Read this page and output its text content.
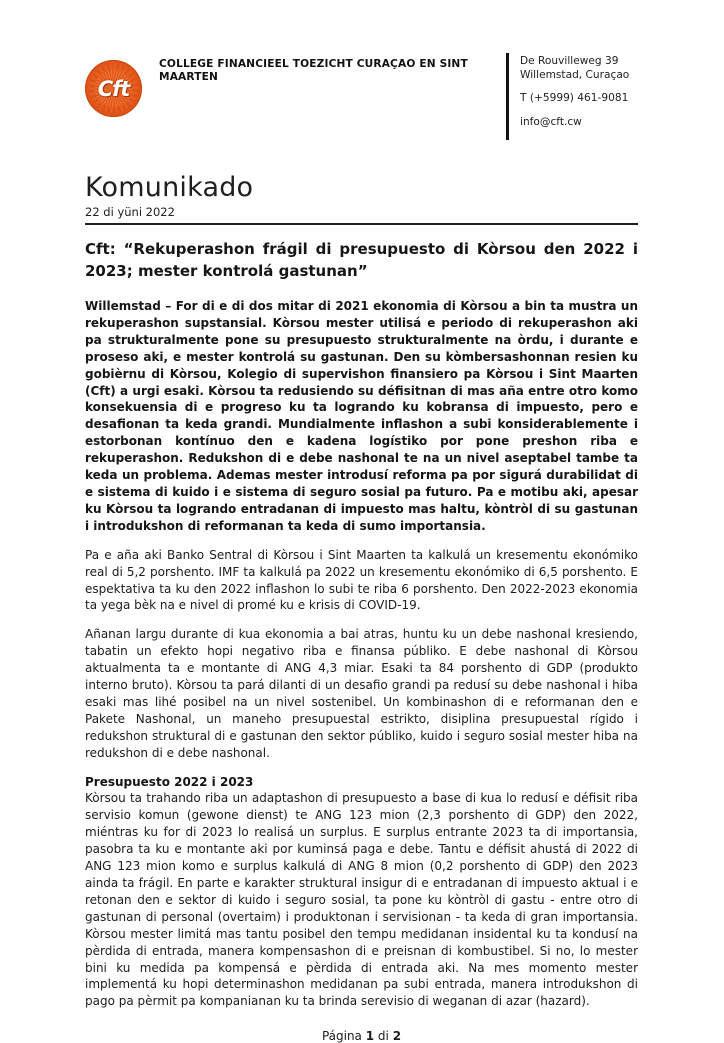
Cft
COLLEGE FINANCIEEL TOEZICHT CURAÇAO EN SINT MAARTEN
De Rouvilleweg 39
Willemstad, Curaçao
T (+5999) 461-9081
info@cft.cw
Komunikado
22 di yüni 2022
Cft: “Rekuperashon frágil di presupuesto di Kòrsou den 2022 i 2023; mester kontrolá gastunan”
Willemstad – For di e di dos mitar di 2021 ekonomia di Kòrsou a bin ta mustra un rekuperashon supstansial. Kòrsou mester utilisá e periodo di rekuperashon aki pa strukturalmente pone su presupuesto strukturalmente na òrdu, i durante e proseso aki, e mester kontrolá su gastunan. Den su kòmbersashonnan resien ku gobièrnu di Kòrsou, Kolegio di supervishon finansiero pa Kòrsou i Sint Maarten (Cft) a urgi esaki. Kòrsou ta redusiendo su défisitnan di mas aña entre otro komo konsekuensia di e progreso ku ta logrando ku kobransa di impuesto, pero e desafionan ta keda grandi. Mundialmente inflashon a subi konsiderablemente i estorbonan kontínuo den e kadena logístiko por pone preshon riba e rekuperashon. Redukshon di e debe nashonal te na un nivel aseptabel tambe ta keda un problema. Ademas mester introdusí reforma pa por sigurá durabilidat di e sistema di kuido i e sistema di seguro sosial pa futuro. Pa e motibu aki, apesar ku Kòrsou ta logrando entradanan di impuesto mas haltu, kòntròl di su gastunan i introdukshon di reformanan ta keda di sumo importansia.
Pa e aña aki Banko Sentral di Kòrsou i Sint Maarten ta kalkulá un kresementu ekonómiko real di 5,2 porshento. IMF ta kalkulá pa 2022 un kresementu ekonómiko di 6,5 porshento. E espektativa ta ku den 2022 inflashon lo subi te riba 6 porshento. Den 2022-2023 ekonomia ta yega bèk na e nivel di promé ku e krisis di COVID-19.
Añanan largu durante di kua ekonomia a bai atras, huntu ku un debe nashonal kresiendo, tabatin un efekto hopi negativo riba e finansa públiko. E debe nashonal di Kòrsou aktualmenta ta e montante di ANG 4,3 miar. Esaki ta 84 porshento di GDP (produkto interno bruto). Kòrsou ta pará dilanti di un desafio grandi pa redusí su debe nashonal i hiba esaki mas lihé posibel na un nivel sostenibel. Un kombinashon di e reformanan den e Pakete Nashonal, un maneho presupuestal estrikto, disiplina presupuestal rígido i redukshon struktural di e gastunan den sektor públiko, kuido i seguro sosial mester hiba na redukshon di e debe nashonal.
Presupuesto 2022 i 2023
Kòrsou ta trahando riba un adaptashon di presupuesto a base di kua lo redusí e défisit riba servisio komun (gewone dienst) te ANG 123 mion (2,3 porshento di GDP) den 2022, miéntras ku for di 2023 lo realisá un surplus. E surplus entrante 2023 ta di importansia, pasobra ta ku e montante aki por kuminsá paga e debe. Tantu e défisit ahustá di 2022 di ANG 123 mion komo e surplus kalkulá di ANG 8 mion (0,2 porshento di GDP) den 2023 ainda ta frágil. En parte e karakter struktural insigur di e entradanan di impuesto aktual i e retonan den e sektor di kuido i seguro sosial, ta pone ku kòntròl di gastu - entre otro di gastunan di personal (overtaim) i produktonan i servisionan - ta keda di gran importansia. Kòrsou mester limitá mas tantu posibel den tempu medidanan insidental ku ta kondusí na pèrdida di entrada, manera kompensashon di e preisnan di kombustibel. Si no, lo mester bini ku medida pa kompensá e pèrdida di entrada aki. Na mes momento mester implementá ku hopi determinashon medidanan pa subi entrada, manera introdukshon di pago pa pèrmit pa kompanianan ku ta brinda serevisio di weganan di azar (hazard).
Página 1 di 2
